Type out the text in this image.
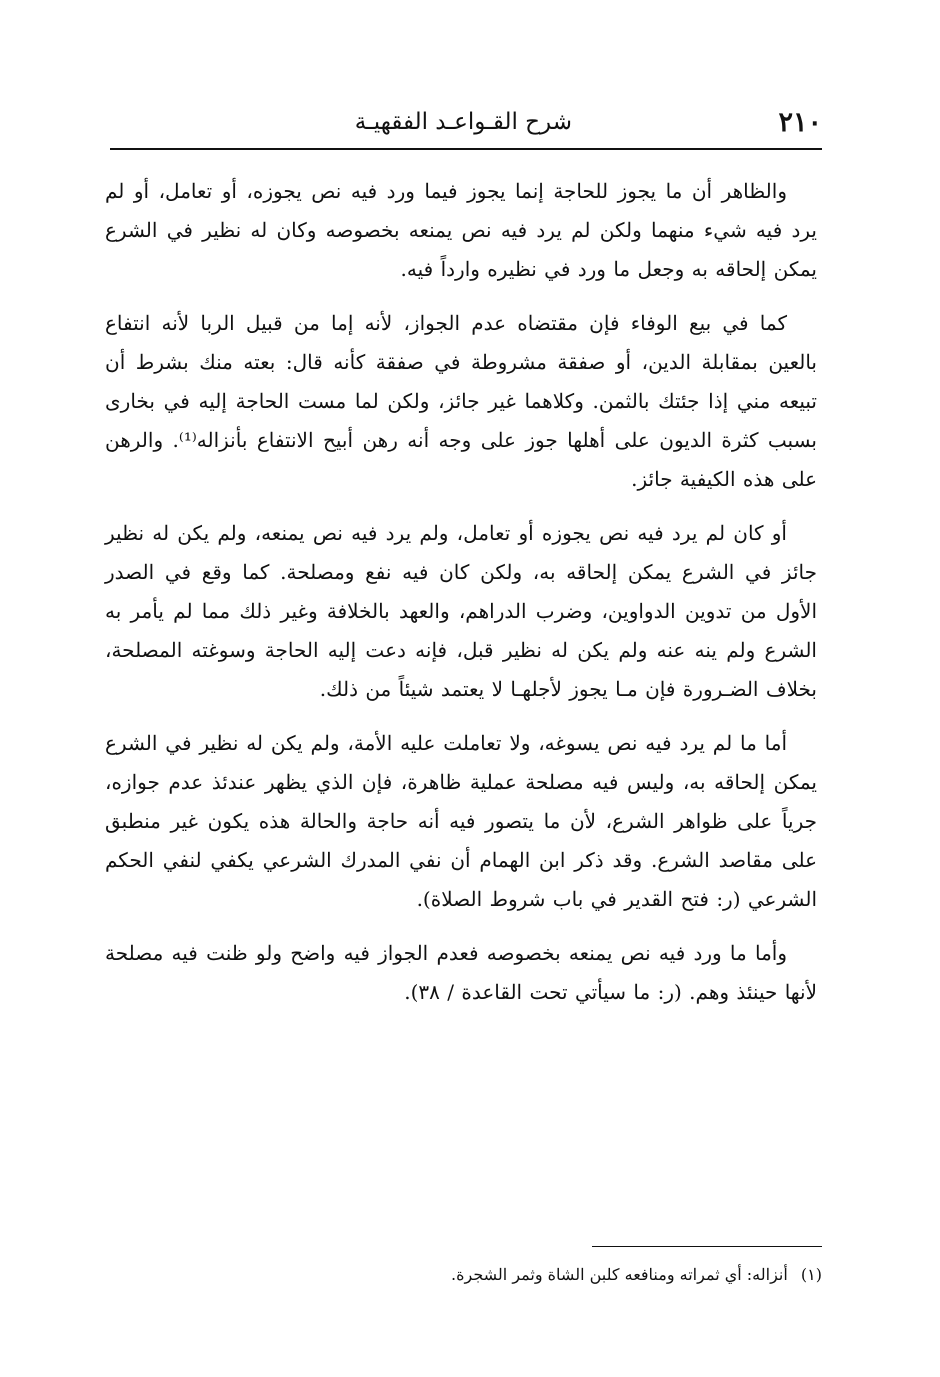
٢١٠
شرح القـواعـد الفقهيـة

والظاهر أن ما يجوز للحاجة إنما يجوز فيما ورد فيه نص يجوزه، أو تعامل، أو لم يرد فيه شيء منهما ولكن لم يرد فيه نص يمنعه بخصوصه وكان له نظير في الشرع يمكن إلحاقه به وجعل ما ورد في نظيره وارداً فيه.

كما في بيع الوفاء فإن مقتضاه عدم الجواز، لأنه إما من قبيل الربا لأنه انتفاع بالعين بمقابلة الدين، أو صفقة مشروطة في صفقة كأنه قال: بعته منك بشرط أن تبيعه مني إذا جئتك بالثمن. وكلاهما غير جائز، ولكن لما مست الحاجة إليه في بخارى بسبب كثرة الديون على أهلها جوز على وجه أنه رهن أبيح الانتفاع بأنزاله⁽¹⁾. والرهن على هذه الكيفية جائز.

أو كان لم يرد فيه نص يجوزه أو تعامل، ولم يرد فيه نص يمنعه، ولم يكن له نظير جائز في الشرع يمكن إلحاقه به، ولكن كان فيه نفع ومصلحة. كما وقع في الصدر الأول من تدوين الدواوين، وضرب الدراهم، والعهد بالخلافة وغير ذلك مما لم يأمر به الشرع ولم ينه عنه ولم يكن له نظير قبل، فإنه دعت إليه الحاجة وسوغته المصلحة، بخلاف الضـرورة فإن مـا يجوز لأجلهـا لا يعتمد شيئاً من ذلك.

أما ما لم يرد فيه نص يسوغه، ولا تعاملت عليه الأمة، ولم يكن له نظير في الشرع يمكن إلحاقه به، وليس فيه مصلحة عملية ظاهرة، فإن الذي يظهر عندئذ عدم جوازه، جرياً على ظواهر الشرع، لأن ما يتصور فيه أنه حاجة والحالة هذه يكون غير منطبق على مقاصد الشرع. وقد ذكر ابن الهمام أن نفي المدرك الشرعي يكفي لنفي الحكم الشرعي (ر: فتح القدير في باب شروط الصلاة).

وأما ما ورد فيه نص يمنعه بخصوصه فعدم الجواز فيه واضح ولو ظنت فيه مصلحة لأنها حينئذ وهم. (ر: ما سيأتي تحت القاعدة / ٣٨).

(١) أنزاله: أي ثمراته ومنافعه كلبن الشاة وثمر الشجرة.
